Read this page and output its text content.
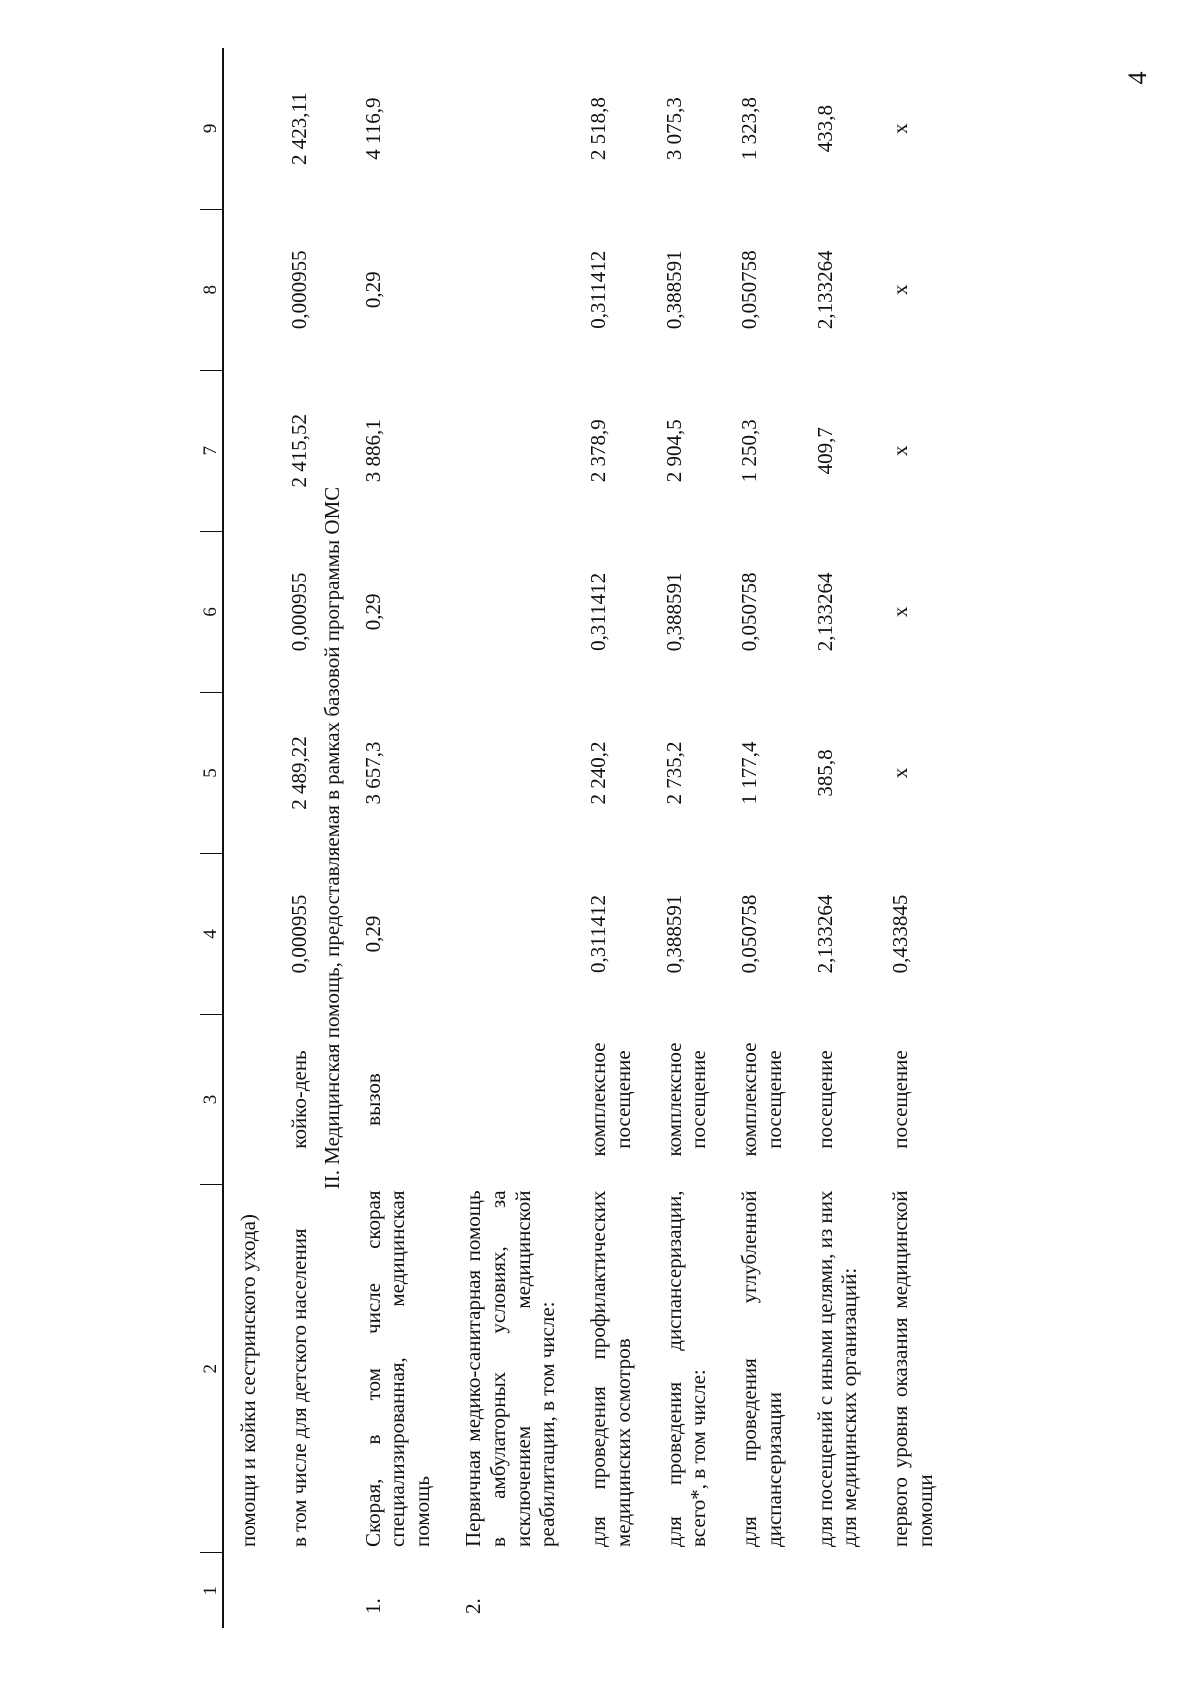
4
1	2	3	4	5	6	7	8	9
	помощи и койки сестринского ухода)							
	в том числе для детского населения	койко-день	0,000955	2 489,22	0,000955	2 415,52	0,000955	2 423,11
II. Медицинская помощь, предоставляемая в рамках базовой программы ОМС								
1.	Скорая, в том числе скорая специализированная, медицинская помощь	вызов	0,29	3 657,3	0,29	3 886,1	0,29	4 116,9
2.	Первичная медико-санитарная помощь в амбулаторных условиях, за исключением медицинской реабилитации, в том числе:							
	для проведения профилактических медицинских осмотров	комплексное посещение	0,311412	2 240,2	0,311412	2 378,9	0,311412	2 518,8
	для проведения диспансеризации, всего*, в том числе:	комплексное посещение	0,388591	2 735,2	0,388591	2 904,5	0,388591	3 075,3
	для проведения углубленной диспансеризации	комплексное посещение	0,050758	1 177,4	0,050758	1 250,3	0,050758	1 323,8
	для посещений с иными целями, из них для медицинских организаций:	посещение	2,133264	385,8	2,133264	409,7	2,133264	433,8
	первого уровня оказания медицинской помощи	посещение	0,433845	x	x	x	x	x
